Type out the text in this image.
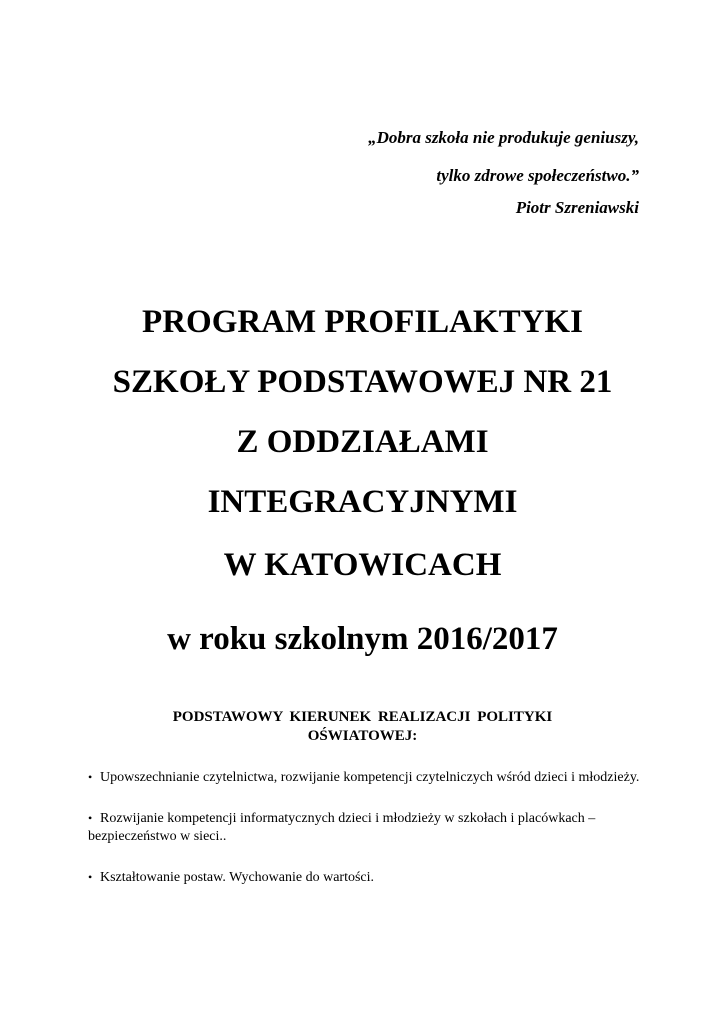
„Dobra szkoła nie produkuje geniuszy,
tylko zdrowe społeczeństwo.”
Piotr Szreniawski
PROGRAM PROFILAKTYKI
SZKOŁY PODSTAWOWEJ NR 21
Z ODDZIAŁAMI
INTEGRACYJNYMI
W KATOWICACH
w roku szkolnym 2016/2017
PODSTAWOWY KIERUNEK REALIZACJI POLITYKI
OŚWIATOWEJ:
• Upowszechnianie czytelnictwa, rozwijanie kompetencji czytelniczych wśród dzieci i młodzieży.
• Rozwijanie kompetencji informatycznych dzieci i młodzieży w szkołach i placówkach – bezpieczeństwo w sieci..
• Kształtowanie postaw. Wychowanie do wartości.
